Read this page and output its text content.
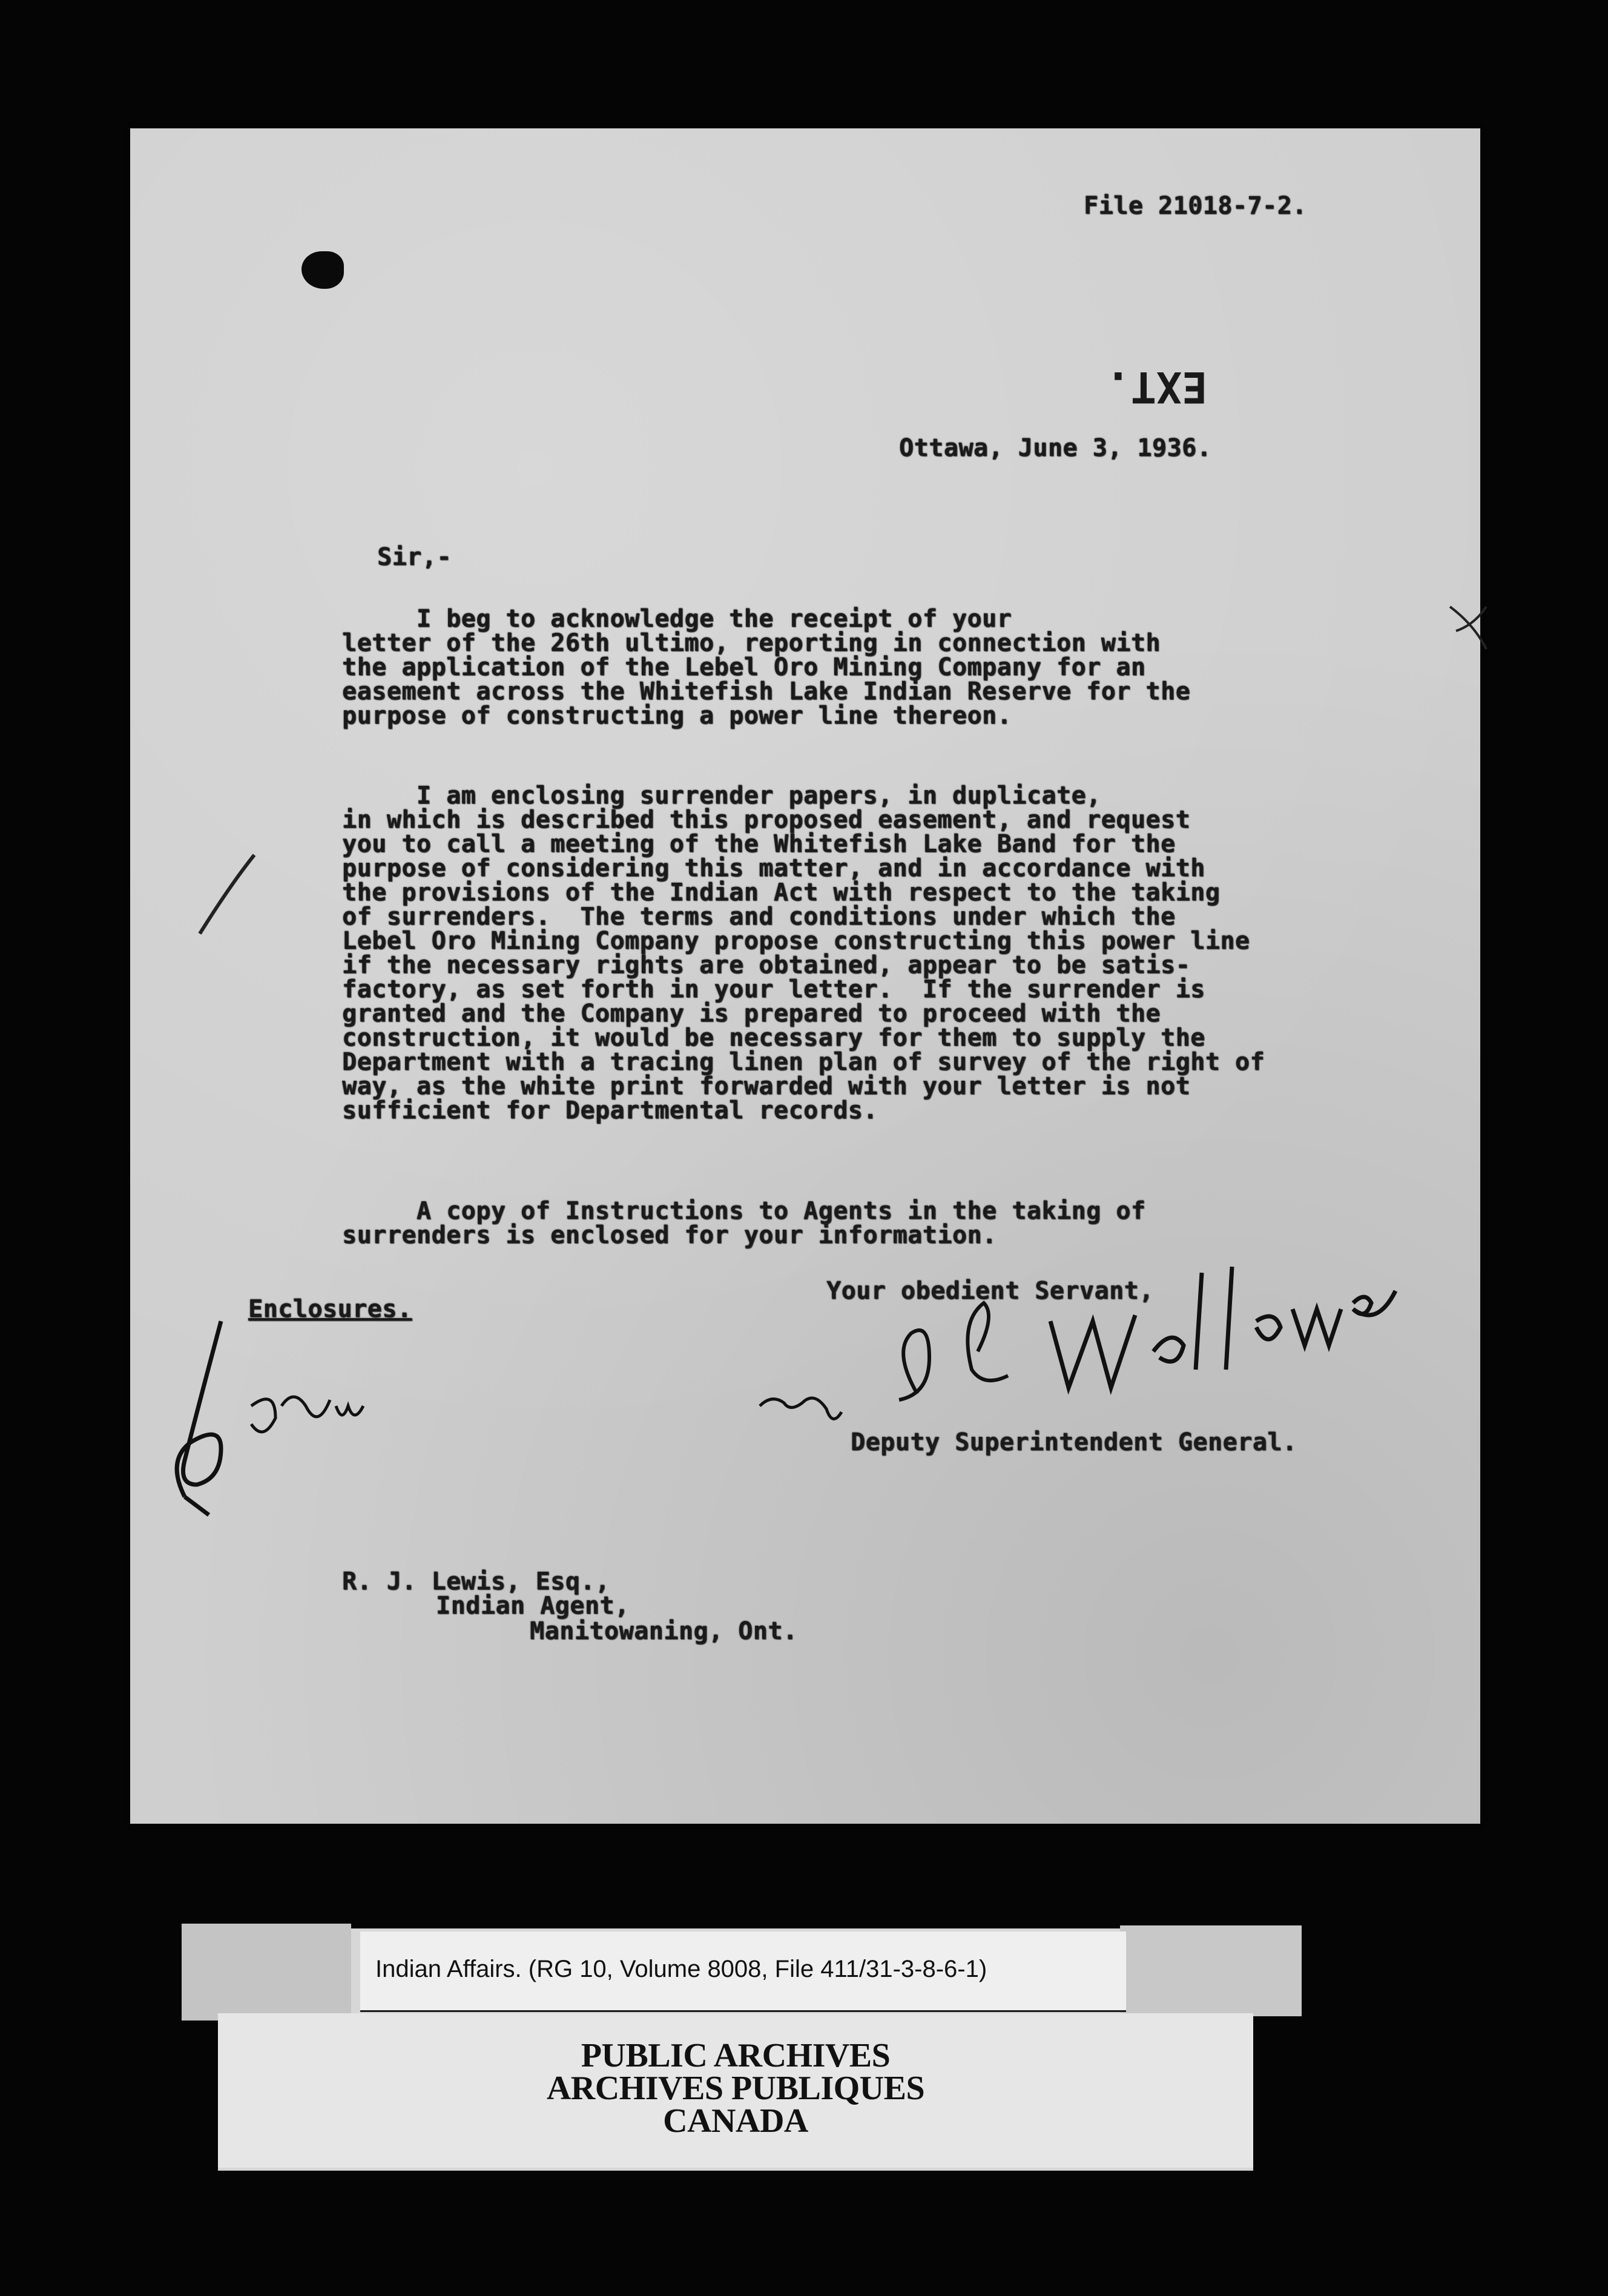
File 21018-7-2.
EXT.
Ottawa, June 3, 1936.
Sir,-
I beg to acknowledge the receipt of your
letter of the 26th ultimo, reporting in connection with
the application of the Lebel Oro Mining Company for an
easement across the Whitefish Lake Indian Reserve for the
purpose of constructing a power line thereon.
I am enclosing surrender papers, in duplicate,
in which is described this proposed easement, and request
you to call a meeting of the Whitefish Lake Band for the
purpose of considering this matter, and in accordance with
the provisions of the Indian Act with respect to the taking
of surrenders.  The terms and conditions under which the
Lebel Oro Mining Company propose constructing this power line
if the necessary rights are obtained, appear to be satis-
factory, as set forth in your letter.  If the surrender is
granted and the Company is prepared to proceed with the
construction, it would be necessary for them to supply the
Department with a tracing linen plan of survey of the right of
way, as the white print forwarded with your letter is not
sufficient for Departmental records.
A copy of Instructions to Agents in the taking of
surrenders is enclosed for your information.
Your obedient Servant,
Enclosures.
Deputy Superintendent General.
R. J. Lewis, Esq.,
Indian Agent,
Manitowaning, Ont.
Indian Affairs. (RG 10, Volume 8008, File 411/31-3-8-6-1)
PUBLIC ARCHIVES
ARCHIVES PUBLIQUES
CANADA
